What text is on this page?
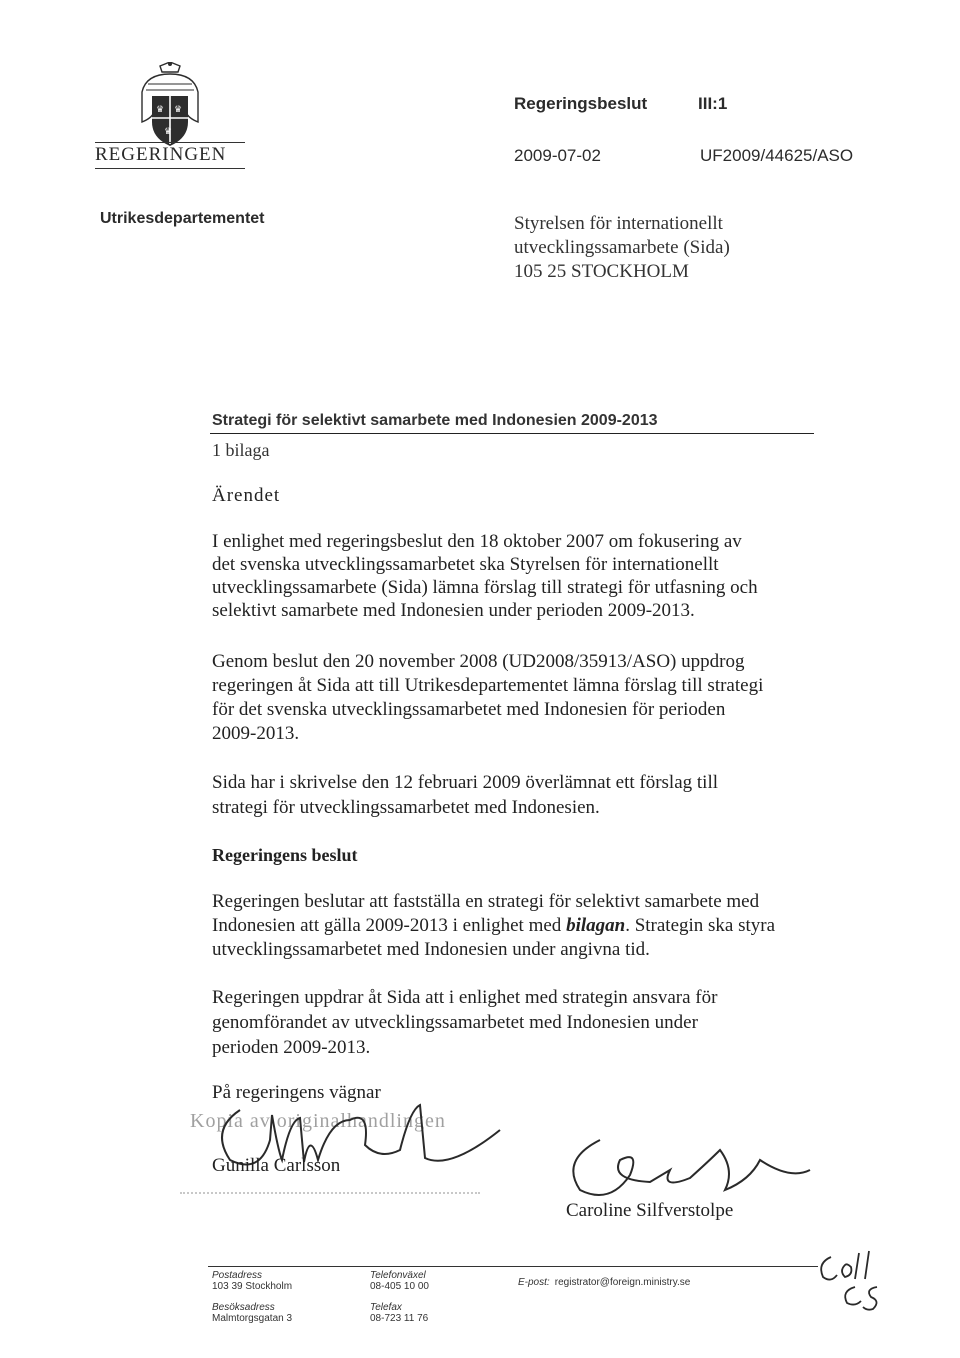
♛ ♛
♛
REGERINGEN
Regeringsbeslut	III:1
2009-07-02	UF2009/44625/ASO
Utrikesdepartementet	Styrelsen för internationellt
utvecklingssamarbete (Sida)
105 25 STOCKHOLM
Strategi för selektivt samarbete med Indonesien 2009-2013
1 bilaga
Ärendet
I enlighet med regeringsbeslut den 18 oktober 2007 om fokusering av
det svenska utvecklingssamarbetet ska Styrelsen för internationellt
utvecklingssamarbete (Sida) lämna förslag till strategi för utfasning och
selektivt samarbete med Indonesien under perioden 2009-2013.
Genom beslut den 20 november 2008 (UD2008/35913/ASO) uppdrog
regeringen åt Sida att till Utrikesdepartementet lämna förslag till strategi
för det svenska utvecklingssamarbetet med Indonesien för perioden
2009-2013.
Sida har i skrivelse den 12 februari 2009 överlämnat ett förslag till
strategi för utvecklingssamarbetet med Indonesien.
Regeringens beslut
Regeringen beslutar att fastställa en strategi för selektivt samarbete med
Indonesien att gälla 2009-2013 i enlighet med bilagan. Strategin ska styra
utvecklingssamarbetet med Indonesien under angivna tid.
Regeringen uppdrar åt Sida att i enlighet med strategin ansvara för
genomförandet av utvecklingssamarbetet med Indonesien under
perioden 2009-2013.
På regeringens vägnar
Kopia av originalhandlingen
Gunilla Carlsson
Caroline Silfverstolpe
Postadress
103 39 Stockholm
Besöksadress
Malmtorgsgatan 3
Telefonväxel
08-405 10 00
Telefax
08-723 11 76
E-post: registrator@foreign.ministry.se
